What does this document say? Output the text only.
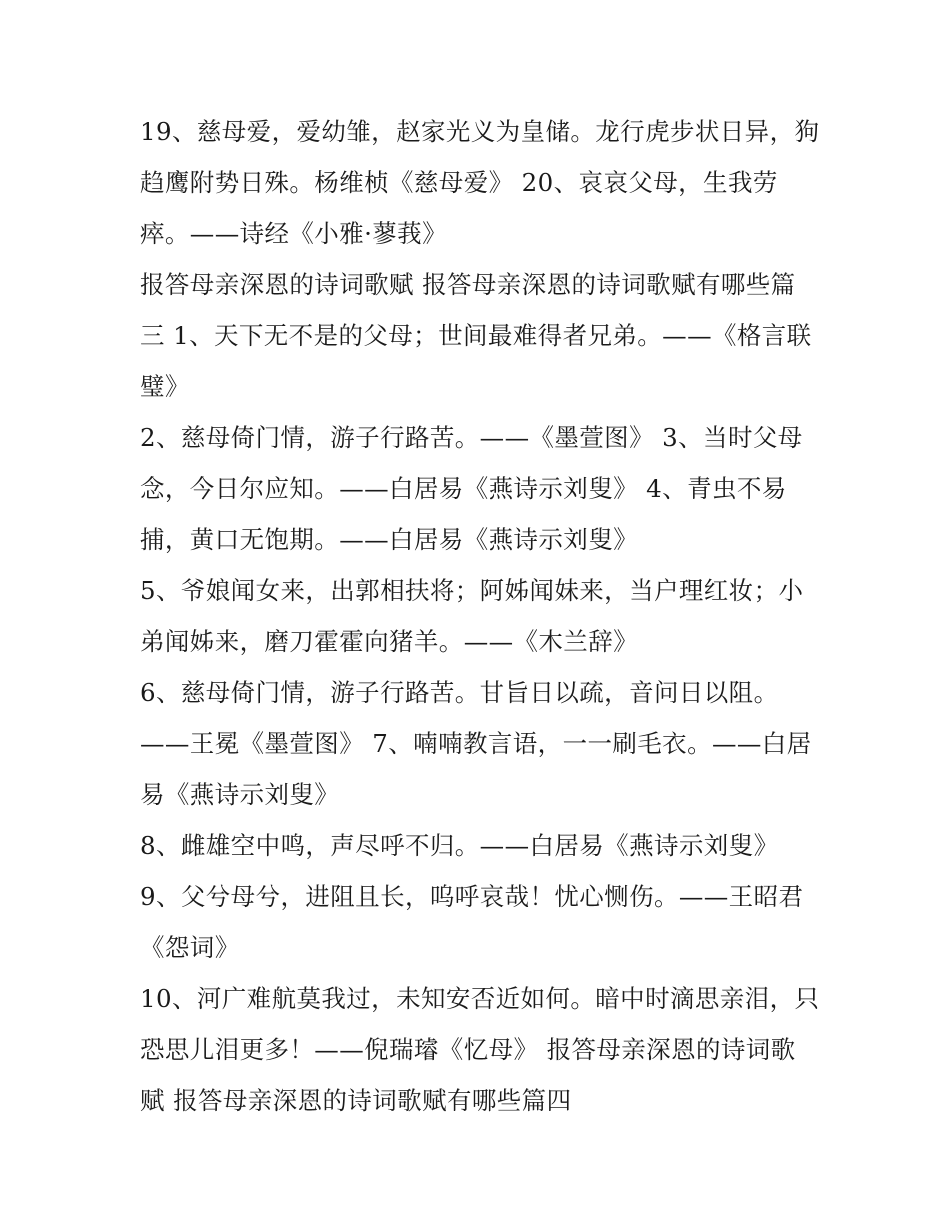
19、慈母爱，爱幼雏，赵家光义为皇储。龙行虎步状日异，狗
趋鹰附势日殊。杨维桢《慈母爱》 20、哀哀父母，生我劳
瘁。——诗经《小雅·蓼莪》
报答母亲深恩的诗词歌赋 报答母亲深恩的诗词歌赋有哪些篇
三 1、天下无不是的父母；世间最难得者兄弟。——《格言联
璧》
2、慈母倚门情，游子行路苦。——《墨萱图》 3、当时父母
念，今日尔应知。——白居易《燕诗示刘叟》 4、青虫不易
捕，黄口无饱期。——白居易《燕诗示刘叟》
5、爷娘闻女来，出郭相扶将；阿姊闻妹来，当户理红妆；小
弟闻姊来，磨刀霍霍向猪羊。——《木兰辞》
6、慈母倚门情，游子行路苦。甘旨日以疏，音问日以阻。
——王冕《墨萱图》 7、喃喃教言语，一一刷毛衣。——白居
易《燕诗示刘叟》
8、雌雄空中鸣，声尽呼不归。——白居易《燕诗示刘叟》
9、父兮母兮，进阻且长，呜呼哀哉！忧心恻伤。——王昭君
《怨词》
10、河广难航莫我过，未知安否近如何。暗中时滴思亲泪，只
恐思儿泪更多！——倪瑞璿《忆母》 报答母亲深恩的诗词歌
赋 报答母亲深恩的诗词歌赋有哪些篇四
